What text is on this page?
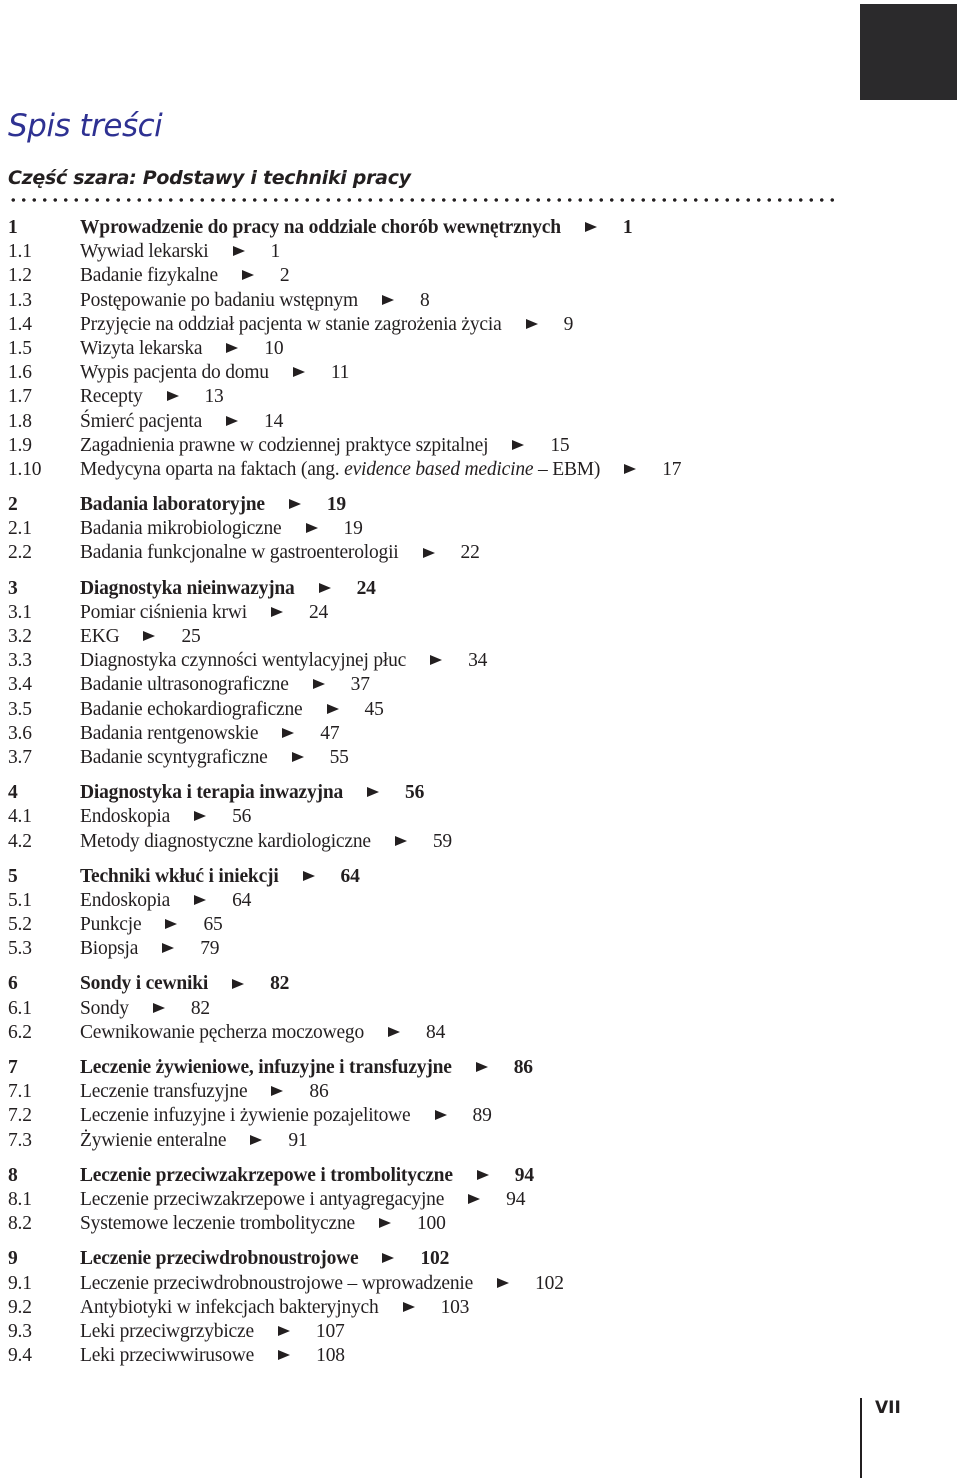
Spis treści
Część szara: Podstawy i techniki pracy
1	Wprowadzenie do pracy na oddziale chorób wewnętrznych	1
1.1	Wywiad lekarski	1
1.2	Badanie fizykalne	2
1.3	Postępowanie po badaniu wstępnym	8
1.4	Przyjęcie na oddział pacjenta w stanie zagrożenia życia	9
1.5	Wizyta lekarska	10
1.6	Wypis pacjenta do domu	11
1.7	Recepty	13
1.8	Śmierć pacjenta	14
1.9	Zagadnienia prawne w codziennej praktyce szpitalnej	15
1.10	Medycyna oparta na faktach (ang. evidence based medicine – EBM)	17
2	Badania laboratoryjne	19
2.1	Badania mikrobiologiczne	19
2.2	Badania funkcjonalne w gastroenterologii	22
3	Diagnostyka nieinwazyjna	24
3.1	Pomiar ciśnienia krwi	24
3.2	EKG	25
3.3	Diagnostyka czynności wentylacyjnej płuc	34
3.4	Badanie ultrasonograficzne	37
3.5	Badanie echokardiograficzne	45
3.6	Badania rentgenowskie	47
3.7	Badanie scyntygraficzne	55
4	Diagnostyka i terapia inwazyjna	56
4.1	Endoskopia	56
4.2	Metody diagnostyczne kardiologiczne	59
5	Techniki wkłuć i iniekcji	64
5.1	Endoskopia	64
5.2	Punkcje	65
5.3	Biopsja	79
6	Sondy i cewniki	82
6.1	Sondy	82
6.2	Cewnikowanie pęcherza moczowego	84
7	Leczenie żywieniowe, infuzyjne i transfuzyjne	86
7.1	Leczenie transfuzyjne	86
7.2	Leczenie infuzyjne i żywienie pozajelitowe	89
7.3	Żywienie enteralne	91
8	Leczenie przeciwzakrzepowe i trombolityczne	94
8.1	Leczenie przeciwzakrzepowe i antyagregacyjne	94
8.2	Systemowe leczenie trombolityczne	100
9	Leczenie przeciwdrobnoustrojowe	102
9.1	Leczenie przeciwdrobnoustrojowe – wprowadzenie	102
9.2	Antybiotyki w infekcjach bakteryjnych	103
9.3	Leki przeciwgrzybicze	107
9.4	Leki przeciwwirusowe	108
VII
